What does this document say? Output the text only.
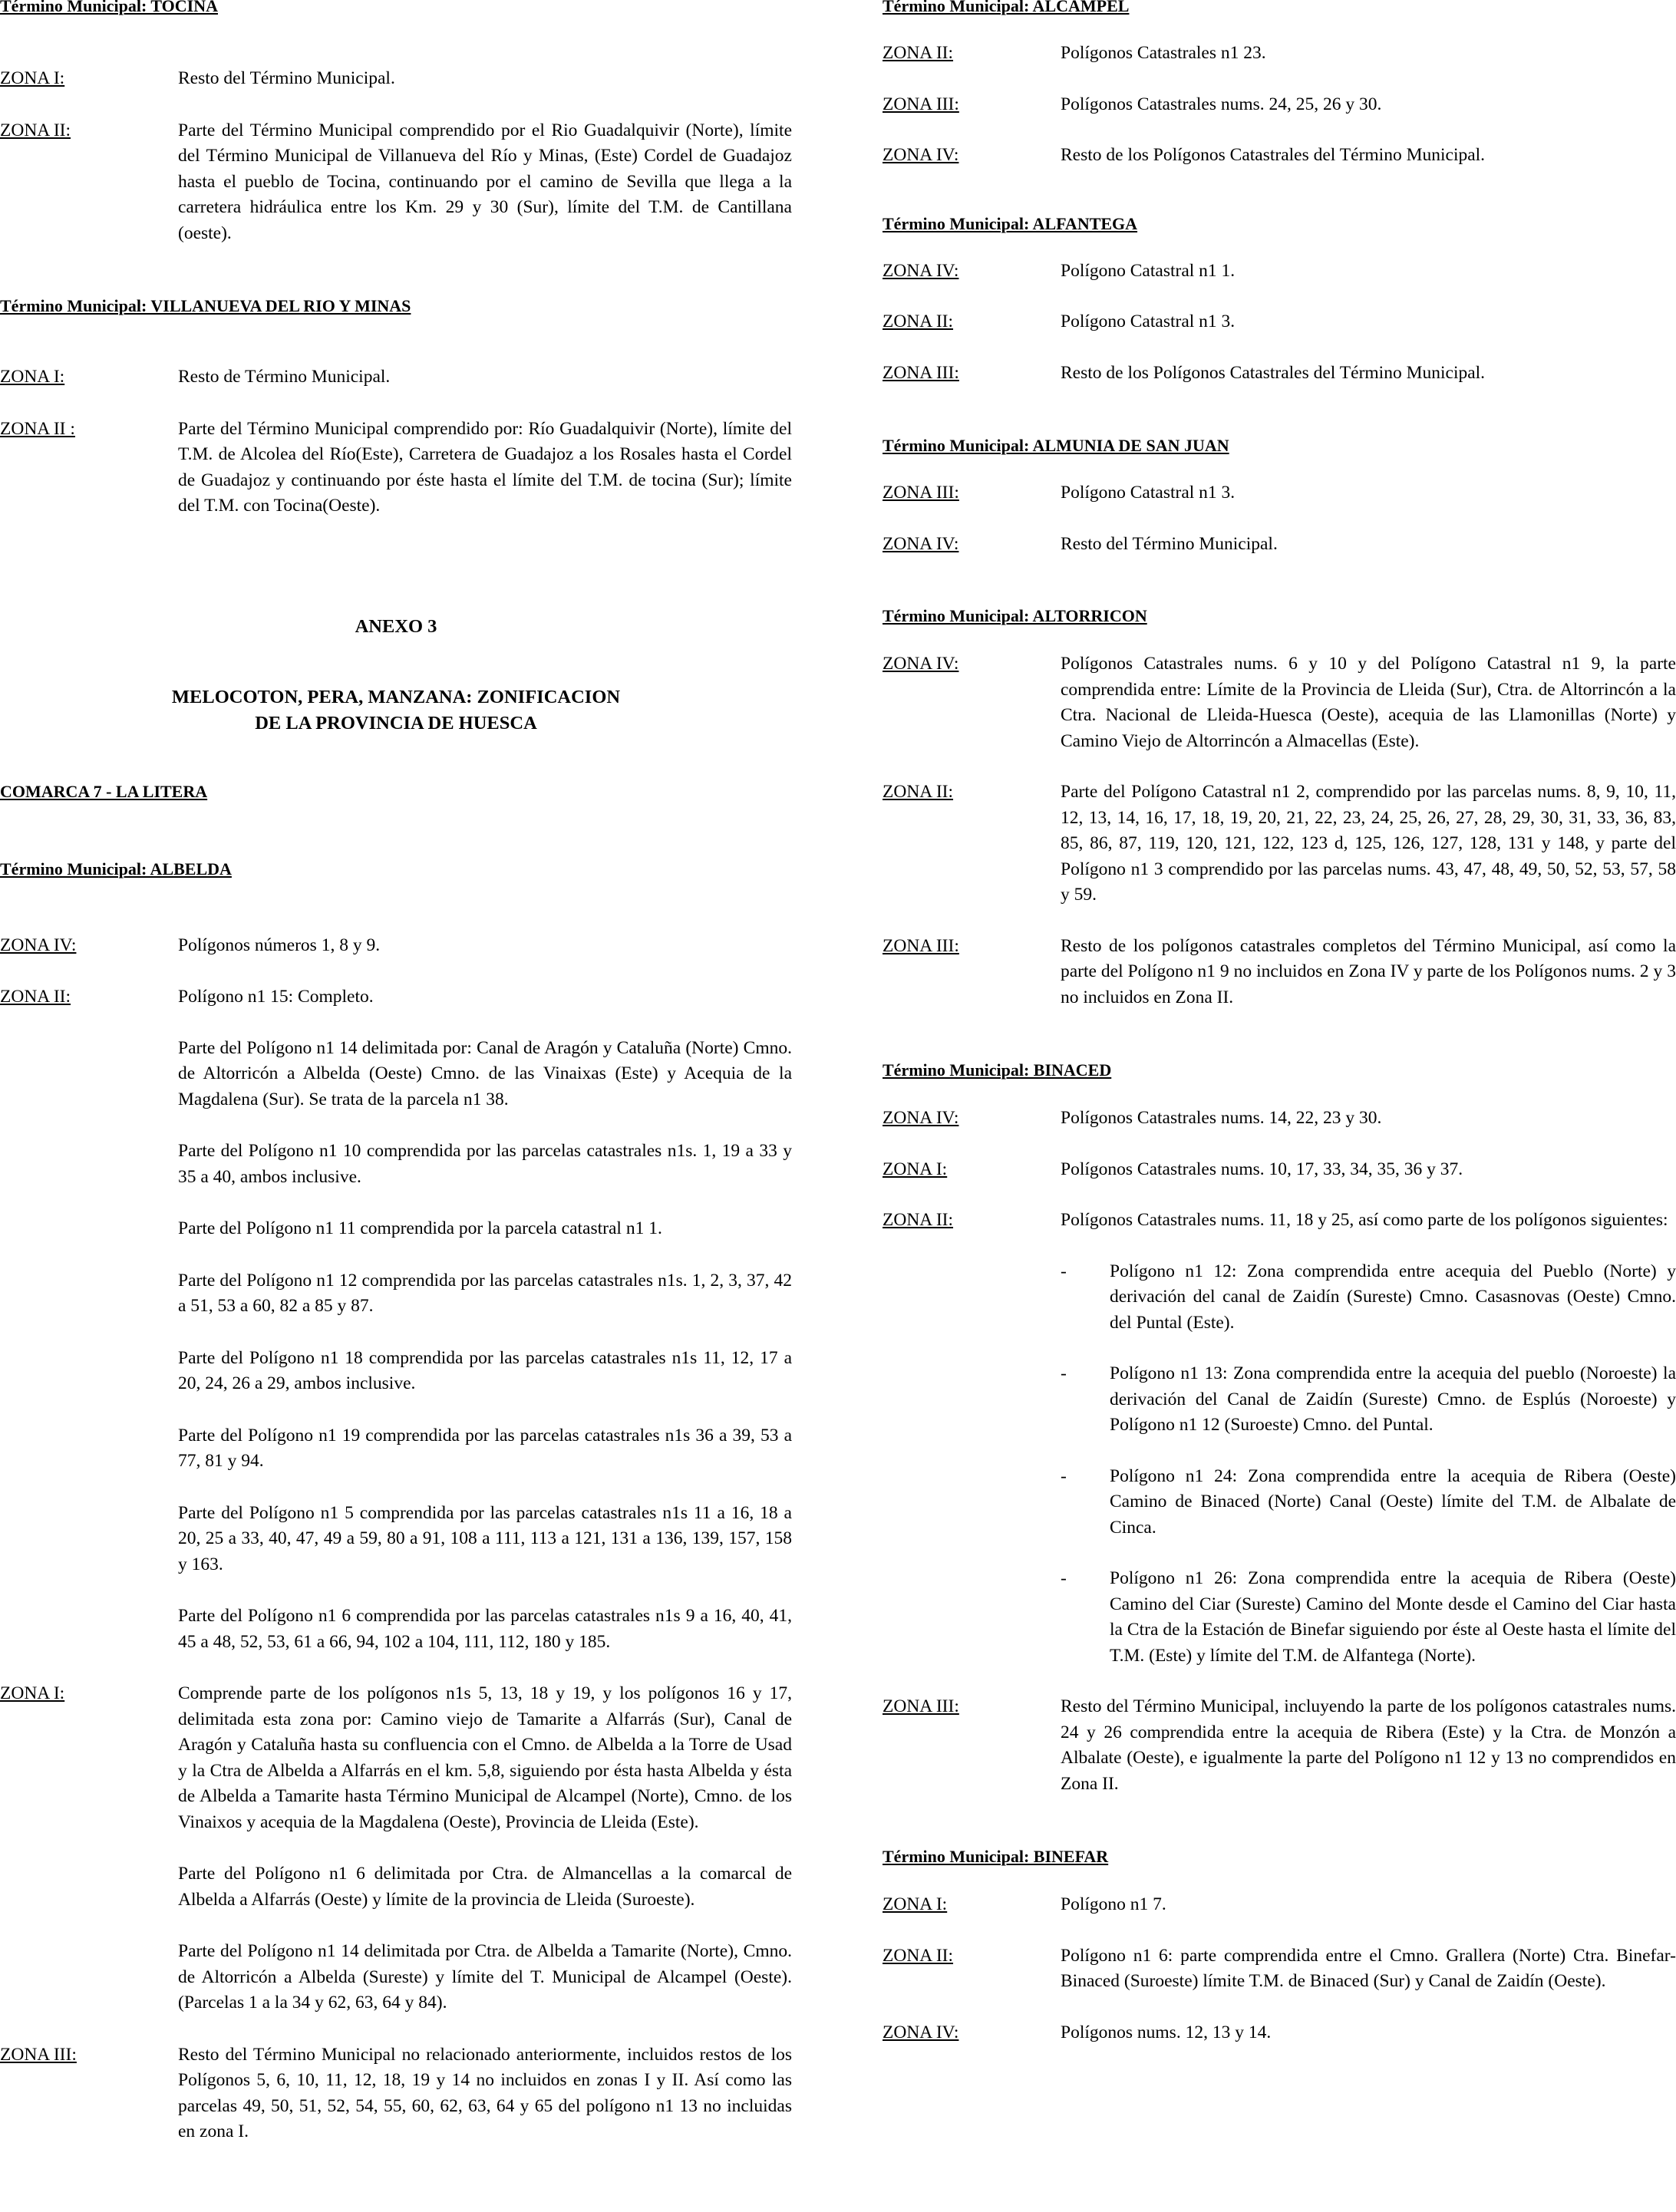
Término Municipal: TOCINA
ZONA I:	Resto del Término Municipal.
ZONA II:	Parte del Término Municipal comprendido por el Rio Guadalquivir (Norte), límite del Término Municipal de Villanueva del Río y Minas, (Este) Cordel de Guadajoz hasta el pueblo de Tocina, continuando por el camino de Sevilla que llega a la carretera hidráulica entre los Km. 29 y 30 (Sur), límite del T.M. de Cantillana (oeste).
Término Municipal: VILLANUEVA DEL RIO Y MINAS
ZONA I:	Resto de Término Municipal.
ZONA II :	Parte del Término Municipal comprendido por: Río Guadalquivir (Norte), límite del T.M. de Alcolea del Río(Este), Carretera de Guadajoz a los Rosales hasta el Cordel de Guadajoz y continuando por éste hasta el límite del T.M. de tocina (Sur); límite del T.M. con Tocina(Oeste).
ANEXO 3
MELOCOTON, PERA, MANZANA: ZONIFICACION
DE LA PROVINCIA DE HUESCA
COMARCA 7 - LA LITERA
Término Municipal: ALBELDA
ZONA IV:	Polígonos números 1, 8 y 9.
ZONA II:	Polígono n1 15: Completo.
Parte del Polígono n1 14 delimitada por: Canal de Aragón y Cataluña (Norte) Cmno. de Altorricón a Albelda (Oeste) Cmno. de las Vinaixas (Este) y Acequia de la Magdalena (Sur). Se trata de la parcela n1 38.
Parte del Polígono n1 10 comprendida por las parcelas catastrales n1s. 1, 19 a 33 y 35 a 40, ambos inclusive.
Parte del Polígono n1 11 comprendida por la parcela catastral n1 1.
Parte del Polígono n1 12 comprendida por las parcelas catastrales n1s. 1, 2, 3, 37, 42 a 51, 53 a 60, 82 a 85 y 87.
Parte del Polígono n1 18 comprendida por las parcelas catastrales n1s 11, 12, 17 a 20, 24, 26 a 29, ambos inclusive.
Parte del Polígono n1 19 comprendida por las parcelas catastrales n1s 36 a 39, 53 a 77, 81 y 94.
Parte del Polígono n1 5 comprendida por las parcelas catastrales n1s 11 a 16, 18 a 20, 25 a 33, 40, 47, 49 a 59, 80 a 91, 108 a 111, 113 a 121, 131 a 136, 139, 157, 158 y 163.
Parte del Polígono n1 6 comprendida por las parcelas catastrales n1s 9 a 16, 40, 41, 45 a 48, 52, 53, 61 a 66, 94, 102 a 104, 111, 112, 180 y 185.
ZONA I:	Comprende parte de los polígonos n1s 5, 13, 18 y 19, y los polígonos 16 y 17, delimitada esta zona por: Camino viejo de Tamarite a Alfarrás (Sur), Canal de Aragón y Cataluña hasta su confluencia con el Cmno. de Albelda a la Torre de Usad y la Ctra de Albelda a Alfarrás en el km. 5,8, siguiendo por ésta hasta Albelda y ésta de Albelda a Tamarite hasta Término Municipal de Alcampel (Norte), Cmno. de los Vinaixos y acequia de la Magdalena (Oeste), Provincia de Lleida (Este).
Parte del Polígono n1 6 delimitada por Ctra. de Almancellas a la comarcal de Albelda a Alfarrás (Oeste) y límite de la provincia de Lleida (Suroeste).
Parte del Polígono n1 14 delimitada por Ctra. de Albelda a Tamarite (Norte), Cmno. de Altorricón a Albelda (Sureste) y límite del T. Municipal de Alcampel (Oeste). (Parcelas 1 a la 34 y 62, 63, 64 y 84).
ZONA III:	Resto del Término Municipal no relacionado anteriormente, incluidos restos de los Polígonos 5, 6, 10, 11, 12, 18, 19 y 14 no incluidos en zonas I y II. Así como las parcelas 49, 50, 51, 52, 54, 55, 60, 62, 63, 64 y 65 del polígono n1 13 no incluidas en zona I.
Término Municipal: ALCAMPEL
ZONA II:	Polígonos Catastrales n1 23.
ZONA III:	Polígonos Catastrales nums. 24, 25, 26 y 30.
ZONA IV:	Resto de los Polígonos Catastrales del Término Municipal.
Término Municipal: ALFANTEGA
ZONA IV:	Polígono Catastral n1 1.
ZONA II:	Polígono Catastral n1 3.
ZONA III:	Resto de los Polígonos Catastrales del Término Municipal.
Término Municipal: ALMUNIA DE SAN JUAN
ZONA III:	Polígono Catastral n1 3.
ZONA IV:	Resto del Término Municipal.
Término Municipal: ALTORRICON
ZONA IV:	Polígonos Catastrales nums. 6 y 10 y del Polígono Catastral n1 9, la parte comprendida entre: Límite de la Provincia de Lleida (Sur), Ctra. de Altorrincón a la Ctra. Nacional de Lleida-Huesca (Oeste), acequia de las Llamonillas (Norte) y Camino Viejo de Altorrincón a Almacellas (Este).
ZONA II:	Parte del Polígono Catastral n1 2, comprendido por las parcelas nums. 8, 9, 10, 11, 12, 13, 14, 16, 17, 18, 19, 20, 21, 22, 23, 24, 25, 26, 27, 28, 29, 30, 31, 33, 36, 83, 85, 86, 87, 119, 120, 121, 122, 123 d, 125, 126, 127, 128, 131 y 148, y parte del Polígono n1 3 comprendido por las parcelas nums. 43, 47, 48, 49, 50, 52, 53, 57, 58 y 59.
ZONA III:	Resto de los polígonos catastrales completos del Término Municipal, así como la parte del Polígono n1 9 no incluidos en Zona IV y parte de los Polígonos nums. 2 y 3 no incluidos en Zona II.
Término Municipal: BINACED
ZONA IV:	Polígonos Catastrales nums. 14, 22, 23 y 30.
ZONA I:	Polígonos Catastrales nums. 10, 17, 33, 34, 35, 36 y 37.
ZONA II:	Polígonos Catastrales nums. 11, 18 y 25, así como parte de los polígonos siguientes:
-	Polígono n1 12: Zona comprendida entre acequia del Pueblo (Norte) y derivación del canal de Zaidín (Sureste) Cmno. Casasnovas (Oeste) Cmno. del Puntal (Este).
-	Polígono n1 13: Zona comprendida entre la acequia del pueblo (Noroeste) la derivación del Canal de Zaidín (Sureste) Cmno. de Esplús (Noroeste) y Polígono n1 12 (Suroeste) Cmno. del Puntal.
-	Polígono n1 24: Zona comprendida entre la acequia de Ribera (Oeste) Camino de Binaced (Norte) Canal (Oeste) límite del T.M. de Albalate de Cinca.
-	Polígono n1 26: Zona comprendida entre la acequia de Ribera (Oeste) Camino del Ciar (Sureste) Camino del Monte desde el Camino del Ciar hasta la Ctra de la Estación de Binefar siguiendo por éste al Oeste hasta el límite del T.M. (Este) y límite del T.M. de Alfantega (Norte).
ZONA III:	Resto del Término Municipal, incluyendo la parte de los polígonos catastrales nums. 24 y 26 comprendida entre la acequia de Ribera (Este) y la Ctra. de Monzón a Albalate (Oeste), e igualmente la parte del Polígono n1 12 y 13 no comprendidos en Zona II.
Término Municipal: BINEFAR
ZONA I:	Polígono n1 7.
ZONA II:	Polígono n1 6: parte comprendida entre el Cmno. Grallera (Norte) Ctra. Binefar-Binaced (Suroeste) límite T.M. de Binaced (Sur) y Canal de Zaidín (Oeste).
ZONA IV:	Polígonos nums. 12, 13 y 14.
